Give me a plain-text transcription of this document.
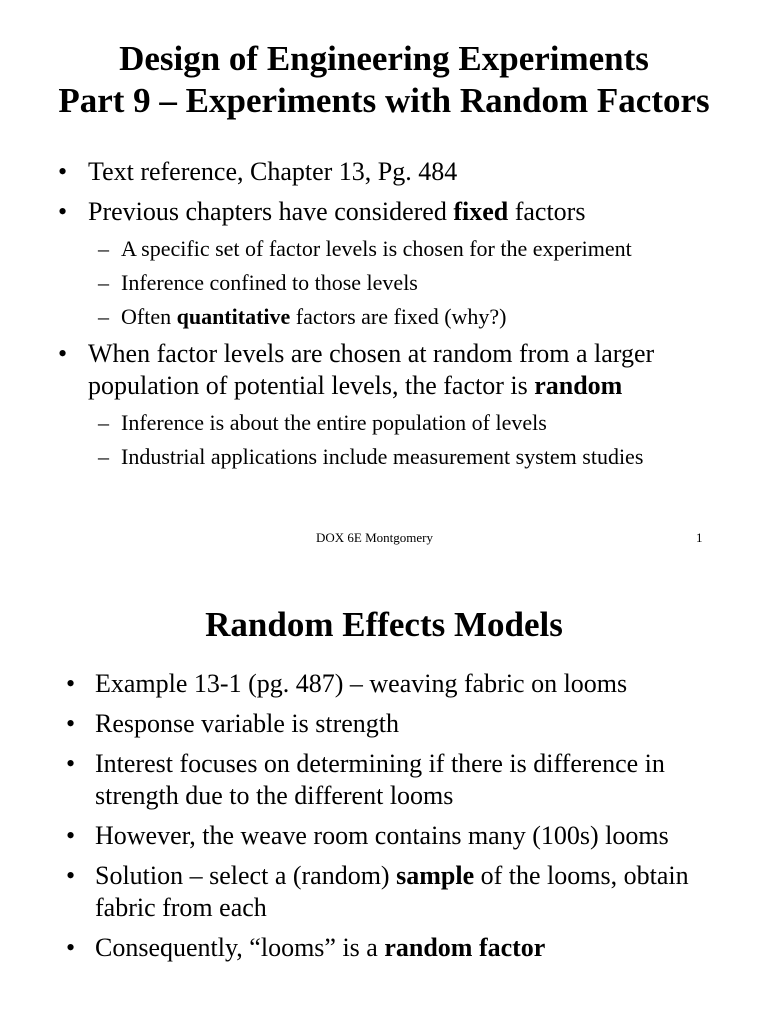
Design of Engineering Experiments
Part 9 – Experiments with Random Factors
• Text reference, Chapter 13, Pg. 484
• Previous chapters have considered fixed factors
– A specific set of factor levels is chosen for the experiment
– Inference confined to those levels
– Often quantitative factors are fixed (why?)
• When factor levels are chosen at random from a larger population of potential levels, the factor is random
– Inference is about the entire population of levels
– Industrial applications include measurement system studies
DOX 6E Montgomery	1
Random Effects Models
• Example 13-1 (pg. 487) – weaving fabric on looms
• Response variable is strength
• Interest focuses on determining if there is difference in strength due to the different looms
• However, the weave room contains many (100s) looms
• Solution – select a (random) sample of the looms, obtain fabric from each
• Consequently, “looms” is a random factor
